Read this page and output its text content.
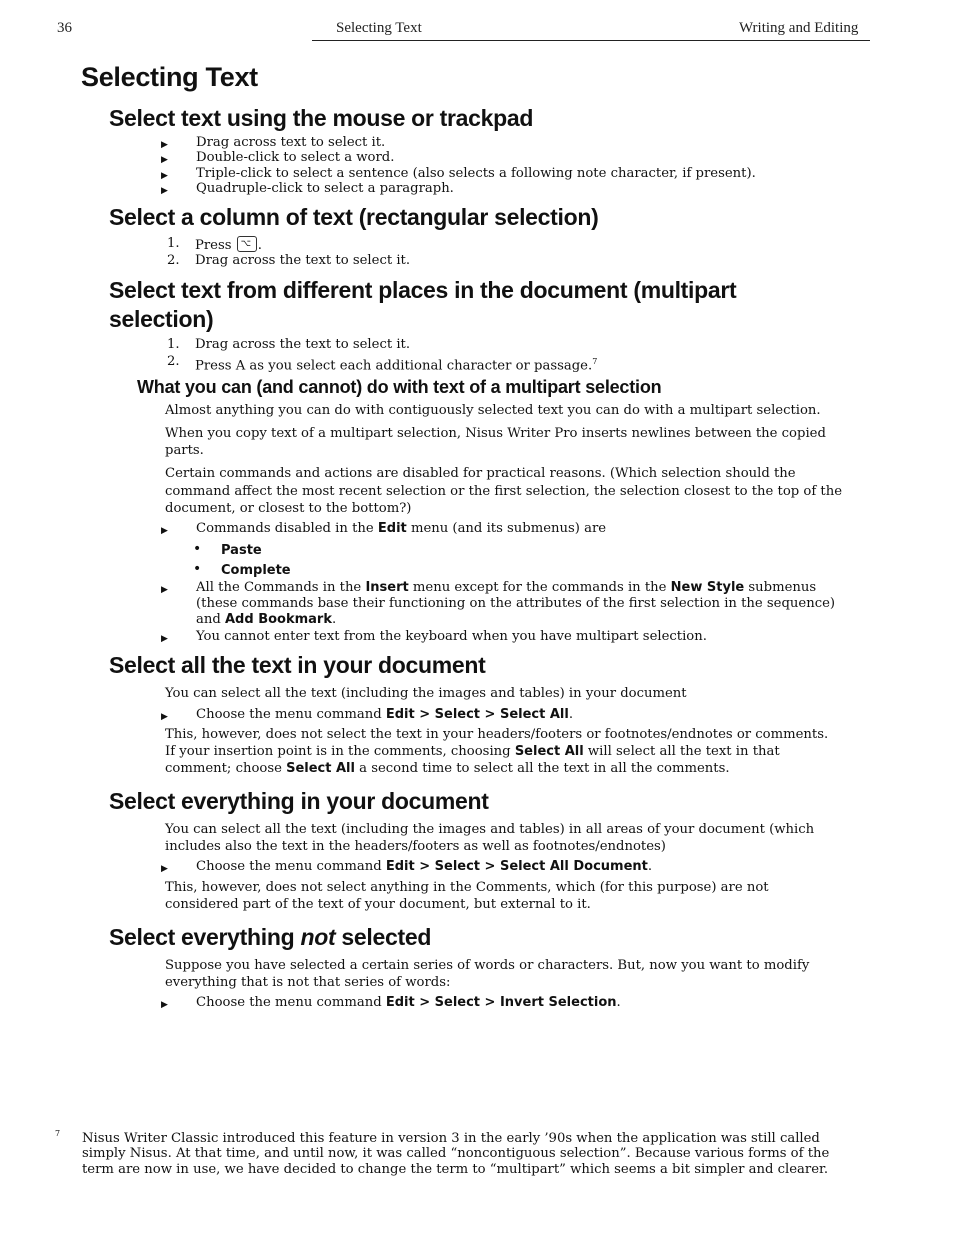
36	Selecting Text	Writing and Editing
Selecting Text
Select text using the mouse or trackpad
▶ Drag across text to select it.
▶ Double-click to select a word.
▶ Triple-click to select a sentence (also selects a following note character, if present).
▶ Quadruple-click to select a paragraph.
Select a column of text (rectangular selection)
1. Press ⌥ .
2. Drag across the text to select it.
Select text from different places in the document (multipart
selection)
1. Drag across the text to select it.
2. Press A as you select each additional character or passage.$^7$
What you can (and cannot) do with text of a multipart selection
Almost anything you can do with contiguously selected text you can do with a multipart selection.
When you copy text of a multipart selection, Nisus Writer Pro inserts newlines between the copied
parts.
Certain commands and actions are disabled for practical reasons. (Which selection should the
command affect the most recent selection or the first selection, the selection closest to the top of the
document, or closest to the bottom?)
▶ Commands disabled in the Edit menu (and its submenus) are
• Paste
• Complete
▶ All the Commands in the Insert menu except for the commands in the New Style submenus
(these commands base their functioning on the attributes of the first selection in the sequence)
and Add Bookmark.
▶ You cannot enter text from the keyboard when you have multipart selection.
Select all the text in your document
You can select all the text (including the images and tables) in your document
▶ Choose the menu command Edit > Select > Select All.
This, however, does not select the text in your headers/footers or footnotes/endnotes or comments.
If your insertion point is in the comments, choosing Select All will select all the text in that
comment; choose Select All a second time to select all the text in all the comments.
Select everything in your document
You can select all the text (including the images and tables) in all areas of your document (which
includes also the text in the headers/footers as well as footnotes/endnotes)
▶ Choose the menu command Edit > Select > Select All Document.
This, however, does not select anything in the Comments, which (for this purpose) are not
considered part of the text of your document, but external to it.
Select everything not selected
Suppose you have selected a certain series of words or characters. But, now you want to modify
everything that is not that series of words:
▶ Choose the menu command Edit > Select > Invert Selection.
7 Nisus Writer Classic introduced this feature in version 3 in the early ’90s when the application was still called
simply Nisus. At that time, and until now, it was called “noncontiguous selection”. Because various forms of the
term are now in use, we have decided to change the term to “multipart” which seems a bit simpler and clearer.
